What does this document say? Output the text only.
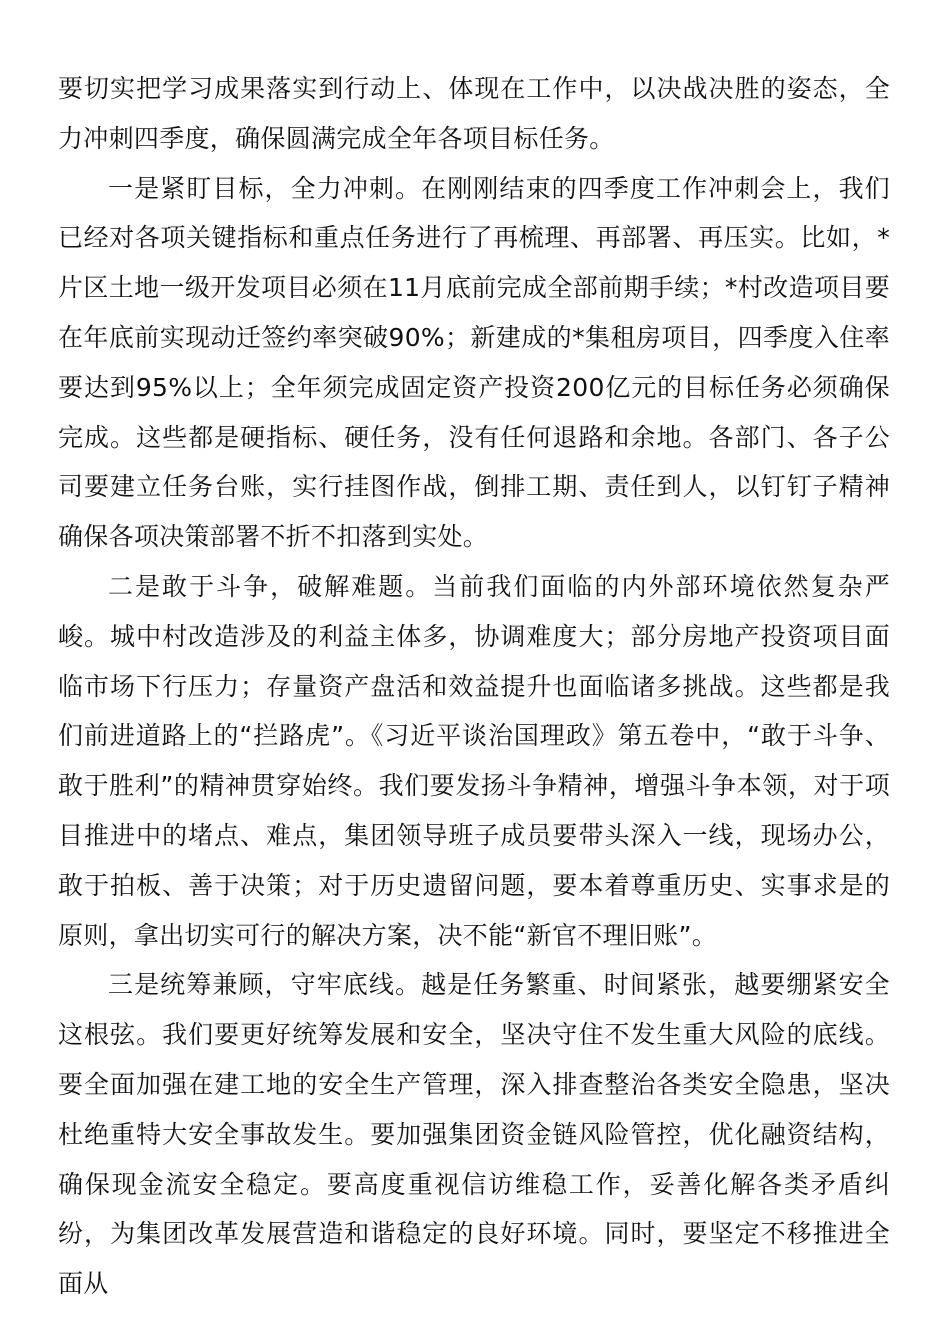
要切实把学习成果落实到行动上、体现在工作中，以决战决胜的姿态，全力冲刺四季度，确保圆满完成全年各项目标任务。

一是紧盯目标，全力冲刺。在刚刚结束的四季度工作冲刺会上，我们已经对各项关键指标和重点任务进行了再梳理、再部署、再压实。比如，*片区土地一级开发项目必须在11月底前完成全部前期手续；*村改造项目要在年底前实现动迁签约率突破90%；新建成的*集租房项目，四季度入住率要达到95%以上；全年须完成固定资产投资200亿元的目标任务必须确保完成。这些都是硬指标、硬任务，没有任何退路和余地。各部门、各子公司要建立任务台账，实行挂图作战，倒排工期、责任到人，以钉钉子精神确保各项决策部署不折不扣落到实处。

二是敢于斗争，破解难题。当前我们面临的内外部环境依然复杂严峻。城中村改造涉及的利益主体多，协调难度大；部分房地产投资项目面临市场下行压力；存量资产盘活和效益提升也面临诸多挑战。这些都是我们前进道路上的“拦路虎”。《习近平谈治国理政》第五卷中，“敢于斗争、敢于胜利”的精神贯穿始终。我们要发扬斗争精神，增强斗争本领，对于项目推进中的堵点、难点，集团领导班子成员要带头深入一线，现场办公，敢于拍板、善于决策；对于历史遗留问题，要本着尊重历史、实事求是的原则，拿出切实可行的解决方案，决不能“新官不理旧账”。

三是统筹兼顾，守牢底线。越是任务繁重、时间紧张，越要绷紧安全这根弦。我们要更好统筹发展和安全，坚决守住不发生重大风险的底线。要全面加强在建工地的安全生产管理，深入排查整治各类安全隐患，坚决杜绝重特大安全事故发生。要加强集团资金链风险管控，优化融资结构，确保现金流安全稳定。要高度重视信访维稳工作，妥善化解各类矛盾纠纷，为集团改革发展营造和谐稳定的良好环境。同时，要坚定不移推进全面从
